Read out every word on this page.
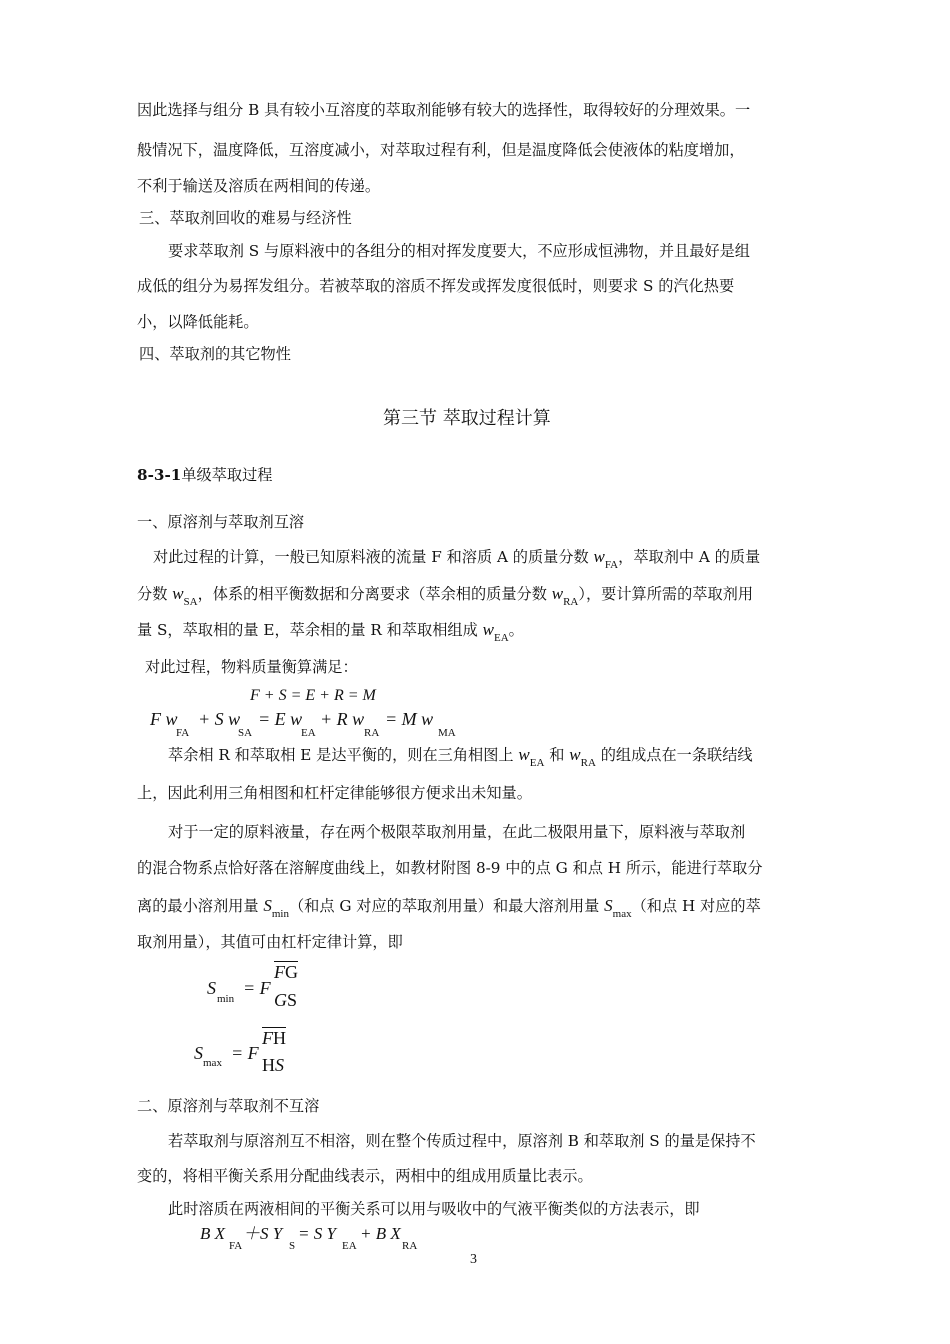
因此选择与组分 B 具有较小互溶度的萃取剂能够有较大的选择性，取得较好的分理效果。一
般情况下，温度降低，互溶度减小，对萃取过程有利，但是温度降低会使液体的粘度增加，
不利于输送及溶质在两相间的传递。
三、萃取剂回收的难易与经济性
要求萃取剂 S 与原料液中的各组分的相对挥发度要大，不应形成恒沸物，并且最好是组
成低的组分为易挥发组分。若被萃取的溶质不挥发或挥发度很低时，则要求 S 的汽化热要
小，以降低能耗。
四、萃取剂的其它物性
第三节 萃取过程计算
8-3-1单级萃取过程
一、原溶剂与萃取剂互溶
对此过程的计算，一般已知原料液的流量 F 和溶质 A 的质量分数 $w_{FA}$，萃取剂中 A 的质量
分数 $w_{SA}$，体系的相平衡数据和分离要求（萃余相的质量分数 $w_{RA}$），要计算所需的萃取剂用
量 S，萃取相的量 E，萃余相的量 R 和萃取相组成 $w_{EA}$。
对此过程，物料质量衡算满足：
F + S = E + R = M
F w
FA
+ S w
SA
= E w
EA
+ R w
RA
= M w
MA
萃余相 R 和萃取相 E 是达平衡的，则在三角相图上 $w_{EA}$ 和 $w_{RA}$ 的组成点在一条联结线
上，因此利用三角相图和杠杆定律能够很方便求出未知量。
对于一定的原料液量，存在两个极限萃取剂用量，在此二极限用量下，原料液与萃取剂
的混合物系点恰好落在溶解度曲线上，如教材附图 8-9 中的点 G 和点 H 所示，能进行萃取分
离的最小溶剂用量 $S_{min}$（和点 G 对应的萃取剂用量）和最大溶剂用量 $S_{max}$（和点 H 对应的萃
取剂用量），其值可由杠杆定律计算，即
S
min
= F
FG
GS
S max = F
FH
HS
二、原溶剂与萃取剂不互溶
若萃取剂与原溶剂互不相溶，则在整个传质过程中，原溶剂 B 和萃取剂 S 的量是保持不
变的，将相平衡关系用分配曲线表示，两相中的组成用质量比表示。
此时溶质在两液相间的平衡关系可以用与吸收中的气液平衡类似的方法表示，即
B X
FA
＋S Y
S
= S Y
EA
+ B X
RA
3
